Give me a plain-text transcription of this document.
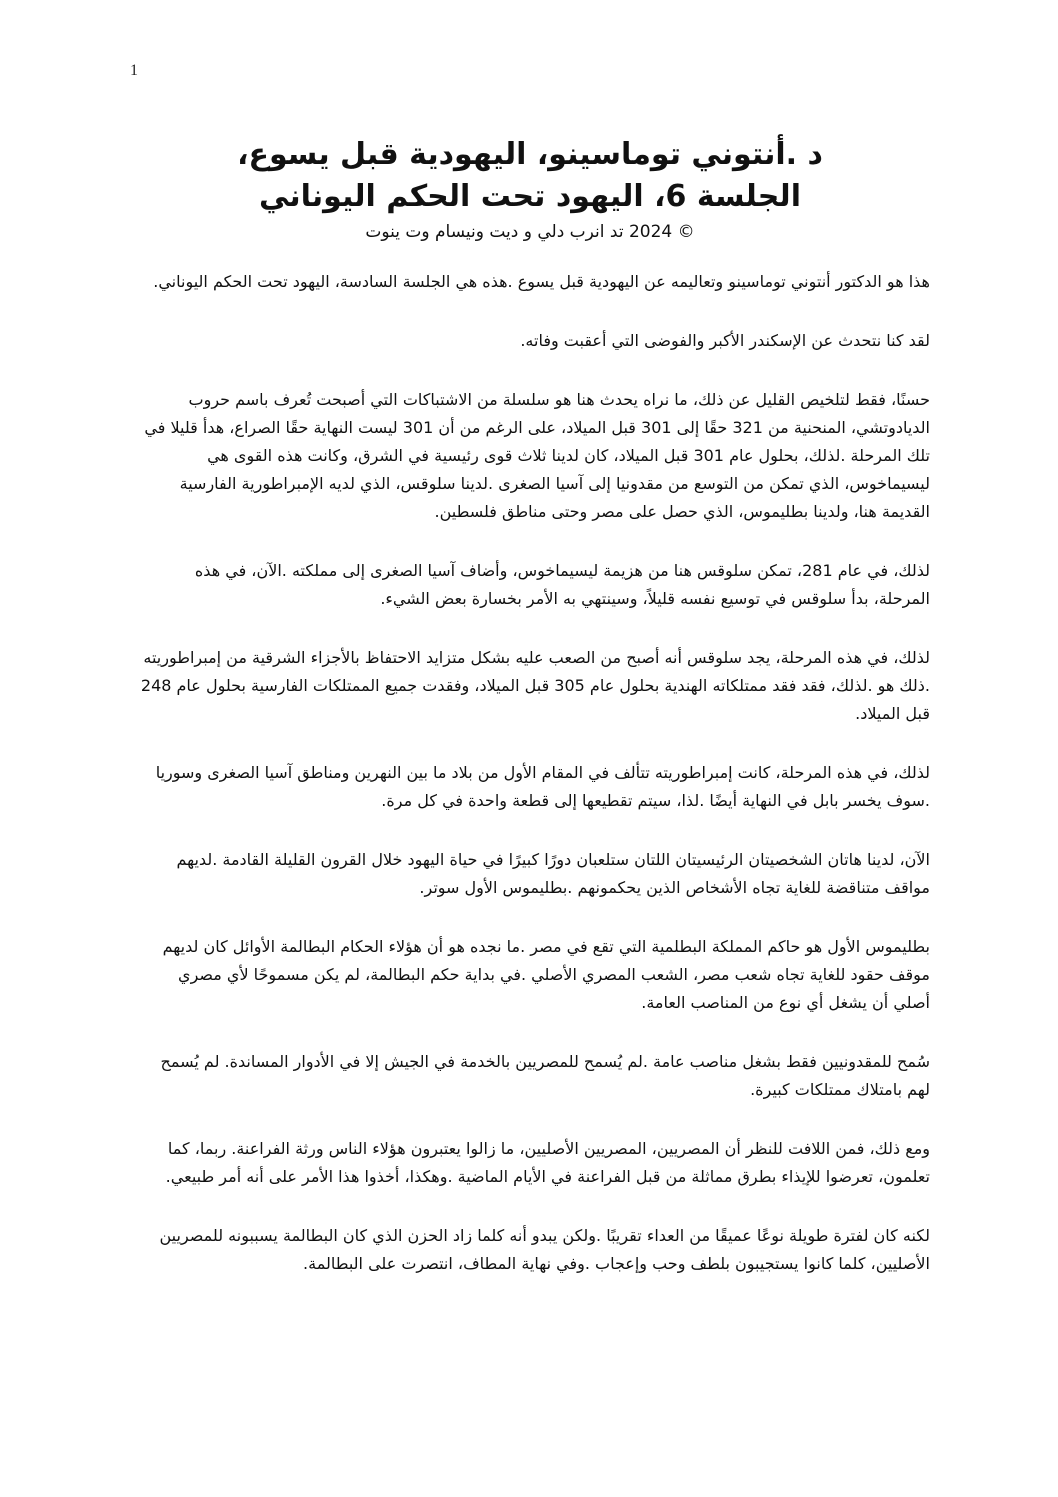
1
د .أنتوني توماسينو، اليهودية قبل يسوع،
الجلسة 6، اليهود تحت الحكم اليوناني
© 2024 تد انرب دلي و ديت ونيسام وت ينوت

هذا هو الدكتور أنتوني توماسينو وتعاليمه عن اليهودية قبل يسوع .هذه هي الجلسة السادسة، اليهود تحت الحكم اليوناني.

لقد كنا نتحدث عن الإسكندر الأكبر والفوضى التي أعقبت وفاته.

حسنًا، فقط لتلخيص القليل عن ذلك، ما نراه يحدث هنا هو سلسلة من الاشتباكات التي أصبحت تُعرف باسم حروب الديادوتشي، المنحنية من 321 حقًا إلى 301 قبل الميلاد، على الرغم من أن 301 ليست النهاية حقًا الصراع، هدأ قليلا في تلك المرحلة .لذلك، بحلول عام 301 قبل الميلاد، كان لدينا ثلاث قوى رئيسية في الشرق، وكانت هذه القوى هي ليسيماخوس، الذي تمكن من التوسع من مقدونيا إلى آسيا الصغرى .لدينا سلوقس، الذي لديه الإمبراطورية الفارسية القديمة هنا، ولدينا بطليموس، الذي حصل على مصر وحتى مناطق فلسطين.

لذلك، في عام 281، تمكن سلوقس هنا من هزيمة ليسيماخوس، وأضاف آسيا الصغرى إلى مملكته .الآن، في هذه المرحلة، بدأ سلوقس في توسيع نفسه قليلاً، وسينتهي به الأمر بخسارة بعض الشيء.

لذلك، في هذه المرحلة، يجد سلوقس أنه أصبح من الصعب عليه بشكل متزايد الاحتفاظ بالأجزاء الشرقية من إمبراطوريته .ذلك هو .لذلك، فقد فقد ممتلكاته الهندية بحلول عام 305 قبل الميلاد، وفقدت جميع الممتلكات الفارسية بحلول عام 248 قبل الميلاد.

لذلك، في هذه المرحلة، كانت إمبراطوريته تتألف في المقام الأول من بلاد ما بين النهرين ومناطق آسيا الصغرى وسوريا .سوف يخسر بابل في النهاية أيضًا .لذا، سيتم تقطيعها إلى قطعة واحدة في كل مرة.

الآن، لدينا هاتان الشخصيتان الرئيسيتان اللتان ستلعبان دورًا كبيرًا في حياة اليهود خلال القرون القليلة القادمة .لديهم مواقف متناقضة للغاية تجاه الأشخاص الذين يحكمونهم .بطليموس الأول سوتر.

بطليموس الأول هو حاكم المملكة البطلمية التي تقع في مصر .ما نجده هو أن هؤلاء الحكام البطالمة الأوائل كان لديهم موقف حقود للغاية تجاه شعب مصر، الشعب المصري الأصلي .في بداية حكم البطالمة، لم يكن مسموحًا لأي مصري أصلي أن يشغل أي نوع من المناصب العامة.

سُمح للمقدونيين فقط بشغل مناصب عامة .لم يُسمح للمصريين بالخدمة في الجيش إلا في الأدوار المساندة. لم يُسمح لهم بامتلاك ممتلكات كبيرة.

ومع ذلك، فمن اللافت للنظر أن المصريين، المصريين الأصليين، ما زالوا يعتبرون هؤلاء الناس ورثة الفراعنة. ربما، كما تعلمون، تعرضوا للإيذاء بطرق مماثلة من قبل الفراعنة في الأيام الماضية .وهكذا، أخذوا هذا الأمر على أنه أمر طبيعي.

لكنه كان لفترة طويلة نوعًا عميقًا من العداء تقريبًا .ولكن يبدو أنه كلما زاد الحزن الذي كان البطالمة يسببونه للمصريين الأصليين، كلما كانوا يستجيبون بلطف وحب وإعجاب .وفي نهاية المطاف، انتصرت على البطالمة.
